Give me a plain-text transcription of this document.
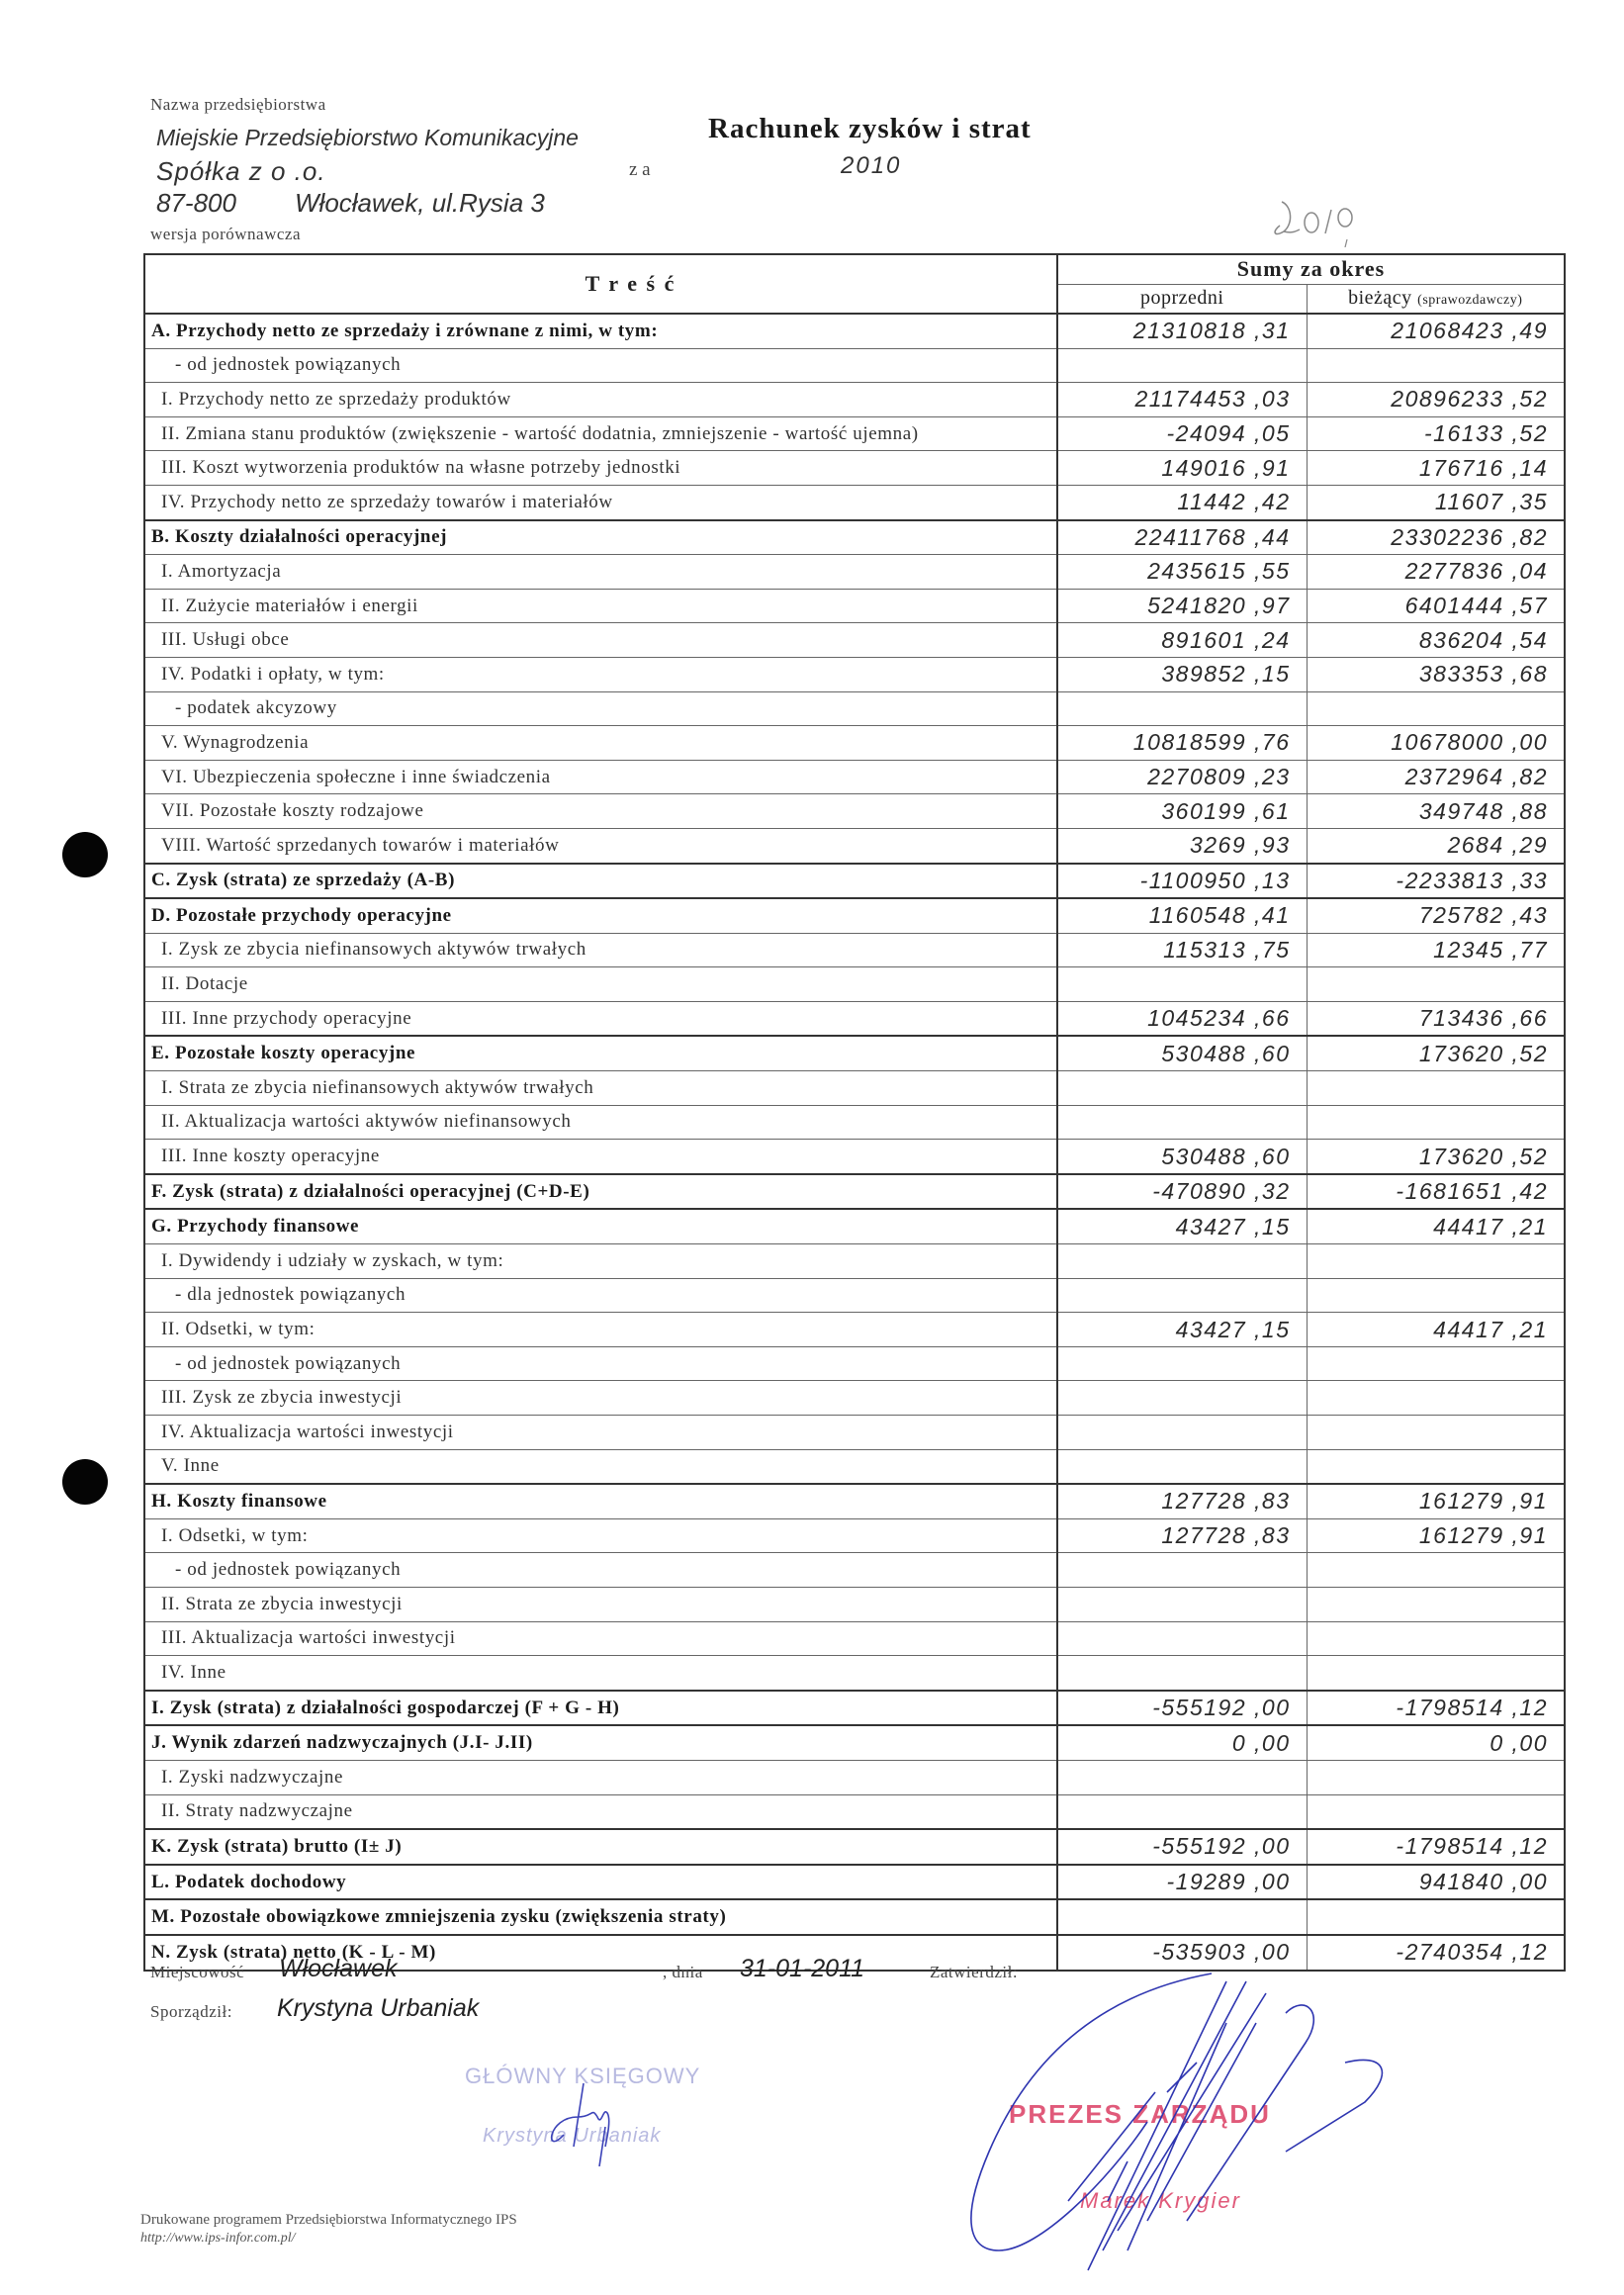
Nazwa przedsiębiorstwa
Miejskie Przedsiębiorstwo Komunikacyjne
Spółka z o .o.
87-800 Włocławek, ul.Rysia 3
z a
Rachunek zysków i strat
2010
wersja porównawcza
T r e ś ć	Sumy za okres	
	poprzedni	bieżący (sprawozdawczy)
A. Przychody netto ze sprzedaży i zrównane z nimi, w tym:	21310818 ,31	21068423 ,49
- od jednostek powiązanych		
I. Przychody netto ze sprzedaży produktów	21174453 ,03	20896233 ,52
II. Zmiana stanu produktów (zwiększenie - wartość dodatnia, zmniejszenie - wartość ujemna)	-24094 ,05	-16133 ,52
III. Koszt wytworzenia produktów na własne potrzeby jednostki	149016 ,91	176716 ,14
IV. Przychody netto ze sprzedaży towarów i materiałów	11442 ,42	11607 ,35
B. Koszty działalności operacyjnej	22411768 ,44	23302236 ,82
I. Amortyzacja	2435615 ,55	2277836 ,04
II. Zużycie materiałów i energii	5241820 ,97	6401444 ,57
III. Usługi obce	891601 ,24	836204 ,54
IV. Podatki i opłaty, w tym:	389852 ,15	383353 ,68
- podatek akcyzowy		
V. Wynagrodzenia	10818599 ,76	10678000 ,00
VI. Ubezpieczenia społeczne i inne świadczenia	2270809 ,23	2372964 ,82
VII. Pozostałe koszty rodzajowe	360199 ,61	349748 ,88
VIII. Wartość sprzedanych towarów i materiałów	3269 ,93	2684 ,29
C. Zysk (strata) ze sprzedaży (A-B)	-1100950 ,13	-2233813 ,33
D. Pozostałe przychody operacyjne	1160548 ,41	725782 ,43
I. Zysk ze zbycia niefinansowych aktywów trwałych	115313 ,75	12345 ,77
II. Dotacje		
III. Inne przychody operacyjne	1045234 ,66	713436 ,66
E. Pozostałe koszty operacyjne	530488 ,60	173620 ,52
I. Strata ze zbycia niefinansowych aktywów trwałych		
II. Aktualizacja wartości aktywów niefinansowych		
III. Inne koszty operacyjne	530488 ,60	173620 ,52
F. Zysk (strata) z działalności operacyjnej (C+D-E)	-470890 ,32	-1681651 ,42
G. Przychody finansowe	43427 ,15	44417 ,21
I. Dywidendy i udziały w zyskach, w tym:		
- dla jednostek powiązanych		
II. Odsetki, w tym:	43427 ,15	44417 ,21
- od jednostek powiązanych		
III. Zysk ze zbycia inwestycji		
IV. Aktualizacja wartości inwestycji		
V. Inne		
H. Koszty finansowe	127728 ,83	161279 ,91
I. Odsetki, w tym:	127728 ,83	161279 ,91
- od jednostek powiązanych		
II. Strata ze zbycia inwestycji		
III. Aktualizacja wartości inwestycji		
IV. Inne		
I. Zysk (strata) z działalności gospodarczej (F + G - H)	-555192 ,00	-1798514 ,12
J. Wynik zdarzeń nadzwyczajnych (J.I- J.II)	0 ,00	0 ,00
I. Zyski nadzwyczajne		
II. Straty nadzwyczajne		
K. Zysk (strata) brutto (I± J)	-555192 ,00	-1798514 ,12
L. Podatek dochodowy	-19289 ,00	941840 ,00
M. Pozostałe obowiązkowe zmniejszenia zysku (zwiększenia straty)		
N. Zysk (strata) netto (K - L - M)	-535903 ,00	-2740354 ,12
Miejscowość Włocławek	, dnia 31-01-2011	Zatwierdził:
Sporządził: Krystyna Urbaniak
GŁÓWNY KSIĘGOWY
Krystyna Urbaniak
PREZES ZARZĄDU
Marek Krygier
Drukowane programem Przedsiębiorstwa Informatycznego IPS
http://www.ips-infor.com.pl/
